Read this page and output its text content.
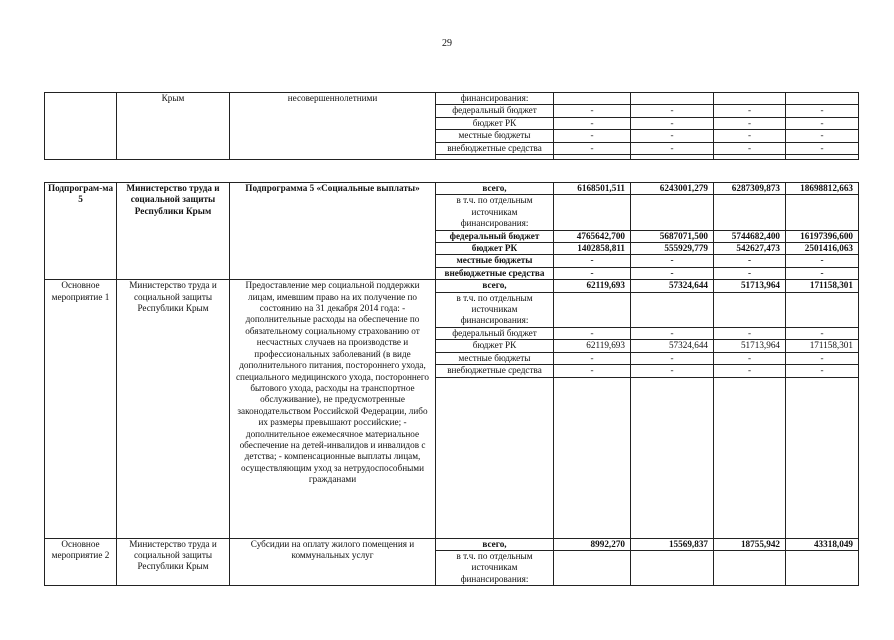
29
	Крым	несовершеннолетними	финансирования:				
			федеральный бюджет	-	-	-	-
			бюджет РК	-	-	-	-
			местные бюджеты	-	-	-	-
			внебюджетные средства	-	-	-	-

Подпрограм-ма 5	Министерство труда и социальной защиты Республики Крым	Подпрограмма 5 «Социальные выплаты»	всего,	6168501,511	6243001,279	6287309,873	18698812,663
			в т.ч. по отдельным источникам финансирования:				
			федеральный бюджет	4765642,700	5687071,500	5744682,400	16197396,600
			бюджет РК	1402858,811	555929,779	542627,473	2501416,063
			местные бюджеты	-	-	-	-
			внебюджетные средства	-	-	-	-
Основное мероприятие 1	Министерство труда и социальной защиты Республики Крым	Предоставление мер социальной поддержки лицам, имевшим право на их получение по состоянию на 31 декабря 2014 года: - дополнительные расходы на обеспечение по обязательному социальному страхованию от несчастных случаев на производстве и профессиональных заболеваний (в виде дополнительного питания, постороннего ухода, специального медицинского ухода, постороннего бытового ухода, расходы на транспортное обслуживание), не предусмотренные законодательством Российской Федерации, либо их размеры превышают российские; - дополнительное ежемесячное материальное обеспечение на детей-инвалидов и инвалидов с детства; - компенсационные выплаты лицам, осуществляющим уход за нетрудоспособными гражданами	всего,	62119,693	57324,644	51713,964	171158,301
			в т.ч. по отдельным источникам финансирования:				
			федеральный бюджет	-	-	-	-
			бюджет РК	62119,693	57324,644	51713,964	171158,301
			местные бюджеты	-	-	-	-
			внебюджетные средства	-	-	-	-

Основное мероприятие 2	Министерство труда и социальной защиты Республики Крым	Субсидии на оплату жилого помещения и коммунальных услуг	всего,	8992,270	15569,837	18755,942	43318,049
			в т.ч. по отдельным источникам финансирования:				
